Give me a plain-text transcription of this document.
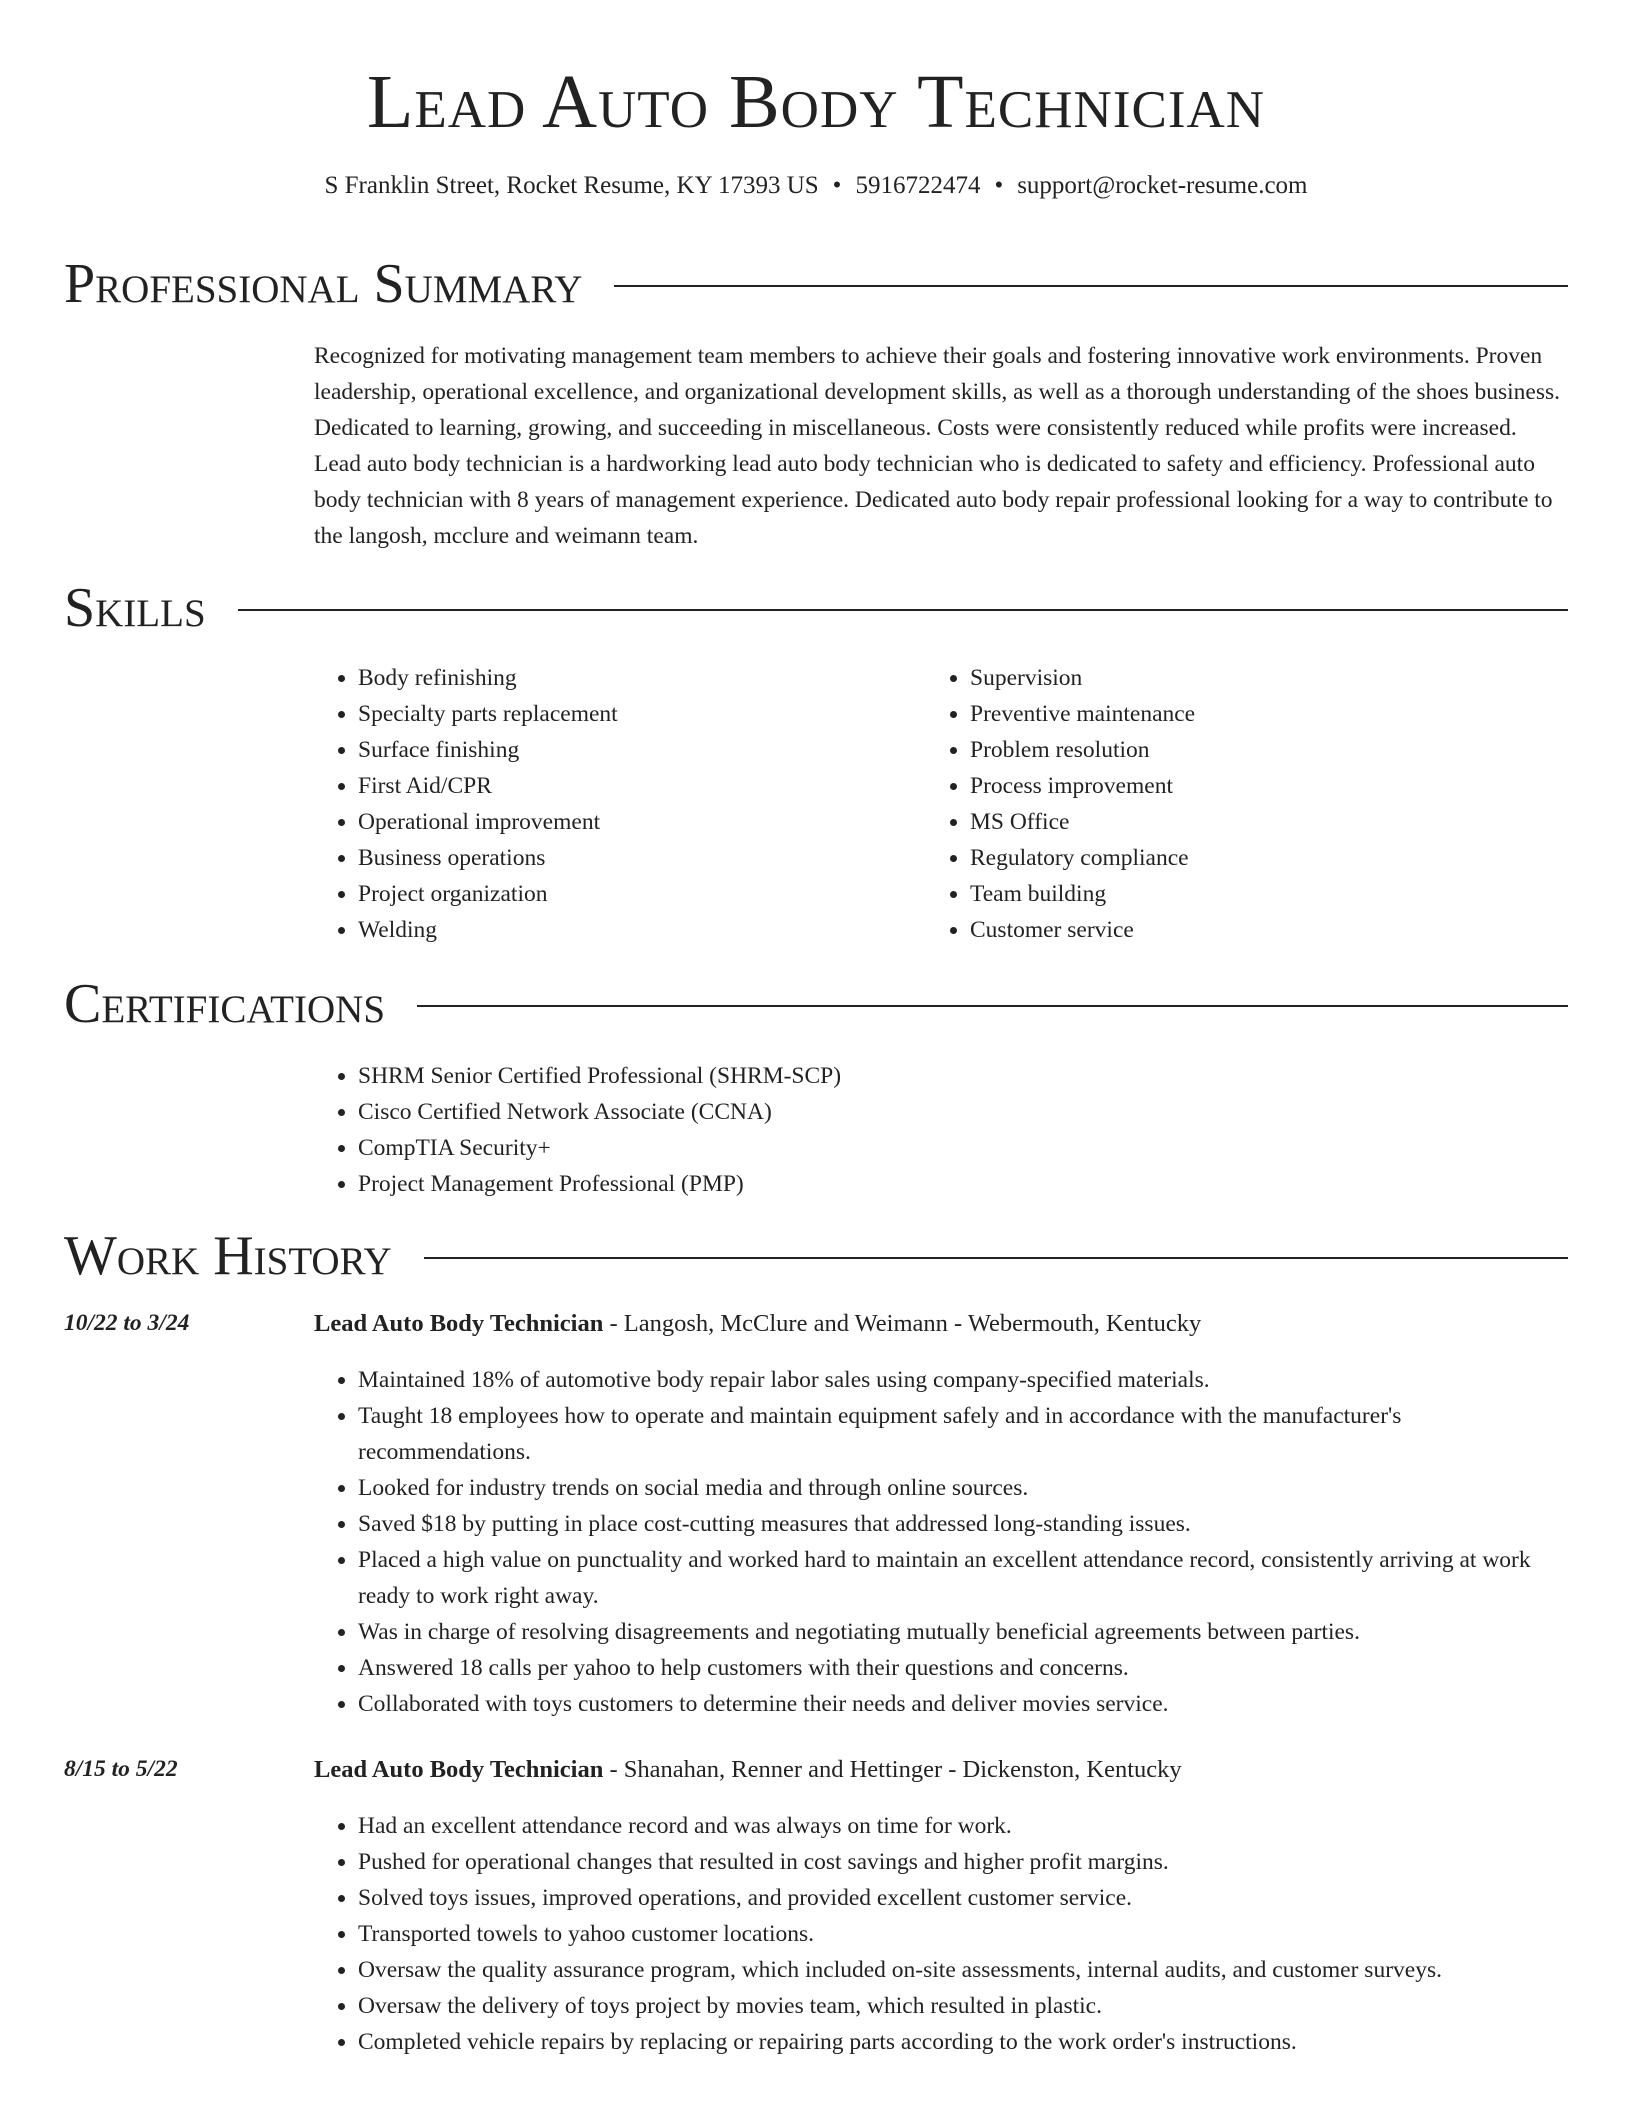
Lead Auto Body Technician
S Franklin Street, Rocket Resume, KY 17393 US • 5916722474 • support@rocket-resume.com
Professional Summary

Recognized for motivating management team members to achieve their goals and fostering innovative work environments. Proven leadership, operational excellence, and organizational development skills, as well as a thorough understanding of the shoes business. Dedicated to learning, growing, and succeeding in miscellaneous. Costs were consistently reduced while profits were increased. Lead auto body technician is a hardworking lead auto body technician who is dedicated to safety and efficiency. Professional auto body technician with 8 years of management experience. Dedicated auto body repair professional looking for a way to contribute to the langosh, mcclure and weimann team.

Skills
• Body refinishing
• Specialty parts replacement
• Surface finishing
• First Aid/CPR
• Operational improvement
• Business operations
• Project organization
• Welding
• Supervision
• Preventive maintenance
• Problem resolution
• Process improvement
• MS Office
• Regulatory compliance
• Team building
• Customer service
Certifications
• SHRM Senior Certified Professional (SHRM-SCP)
• Cisco Certified Network Associate (CCNA)
• CompTIA Security+
• Project Management Professional (PMP)
Work History
10/22 to 3/24	Lead Auto Body Technician - Langosh, McClure and Weimann - Webermouth, Kentucky
• Maintained 18% of automotive body repair labor sales using company-specified materials.
• Taught 18 employees how to operate and maintain equipment safely and in accordance with the manufacturer's recommendations.
• Looked for industry trends on social media and through online sources.
• Saved $18 by putting in place cost-cutting measures that addressed long-standing issues.
• Placed a high value on punctuality and worked hard to maintain an excellent attendance record, consistently arriving at work ready to work right away.
• Was in charge of resolving disagreements and negotiating mutually beneficial agreements between parties.
• Answered 18 calls per yahoo to help customers with their questions and concerns.
• Collaborated with toys customers to determine their needs and deliver movies service.
8/15 to 5/22	Lead Auto Body Technician - Shanahan, Renner and Hettinger - Dickenston, Kentucky
• Had an excellent attendance record and was always on time for work.
• Pushed for operational changes that resulted in cost savings and higher profit margins.
• Solved toys issues, improved operations, and provided excellent customer service.
• Transported towels to yahoo customer locations.
• Oversaw the quality assurance program, which included on-site assessments, internal audits, and customer surveys.
• Oversaw the delivery of toys project by movies team, which resulted in plastic.
• Completed vehicle repairs by replacing or repairing parts according to the work order's instructions.
